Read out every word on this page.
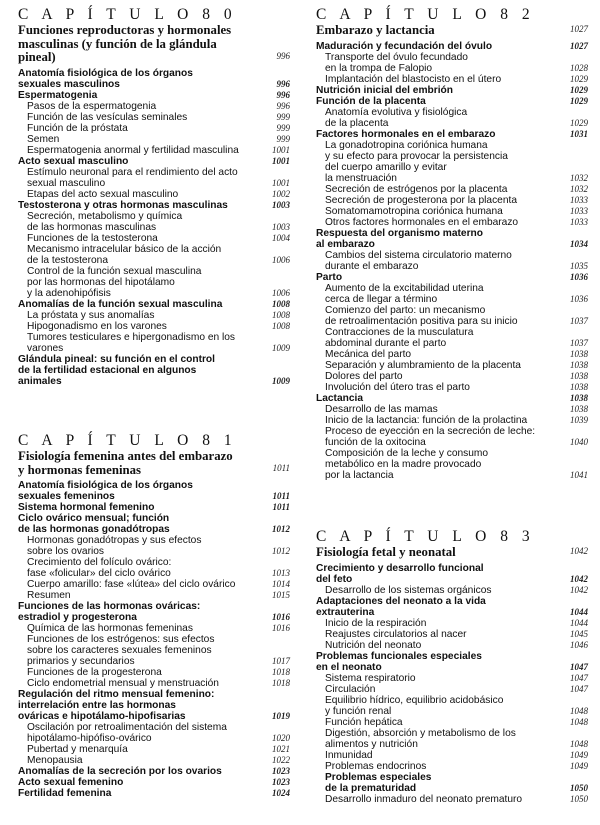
C A P Í T U L O 8 0
Funciones reproductoras y hormonales
masculinas (y función de la glándula
pineal)	996
Anatomía fisiológica de los órganos
sexuales masculinos	996
Espermatogenia	996
Pasos de la espermatogenia	996
Función de las vesículas seminales	999
Función de la próstata	999
Semen	999
Espermatogenia anormal y fertilidad masculina	1001
Acto sexual masculino	1001
Estímulo neuronal para el rendimiento del acto
sexual masculino	1001
Etapas del acto sexual masculino	1002
Testosterona y otras hormonas masculinas	1003
Secreción, metabolismo y química
de las hormonas masculinas	1003
Funciones de la testosterona	1004
Mecanismo intracelular básico de la acción
de la testosterona	1006
Control de la función sexual masculina
por las hormonas del hipotálamo
y la adenohipófisis	1006
Anomalías de la función sexual masculina	1008
La próstata y sus anomalías	1008
Hipogonadismo en los varones	1008
Tumores testiculares e hipergonadismo en los
varones	1009
Glándula pineal: su función en el control
de la fertilidad estacional en algunos
animales	1009
C A P Í T U L O 8 1
Fisiología femenina antes del embarazo
y hormonas femeninas	1011
Anatomía fisiológica de los órganos
sexuales femeninos	1011
Sistema hormonal femenino	1011
Ciclo ovárico mensual; función
de las hormonas gonadótropas	1012
Hormonas gonadótropas y sus efectos
sobre los ovarios	1012
Crecimiento del folículo ovárico:
fase «folicular» del ciclo ovárico	1013
Cuerpo amarillo: fase «lútea» del ciclo ovárico	1014
Resumen	1015
Funciones de las hormonas ováricas:
estradiol y progesterona	1016
Química de las hormonas femeninas	1016
Funciones de los estrógenos: sus efectos
sobre los caracteres sexuales femeninos
primarios y secundarios	1017
Funciones de la progesterona	1018
Ciclo endometrial mensual y menstruación	1018
Regulación del ritmo mensual femenino:
interrelación entre las hormonas
ováricas e hipotálamo-hipofisarias	1019
Oscilación por retroalimentación del sistema
hipotálamo-hipófiso-ovárico	1020
Pubertad y menarquía	1021
Menopausia	1022
Anomalías de la secreción por los ovarios	1023
Acto sexual femenino	1023
Fertilidad femenina	1024
C A P Í T U L O 8 2
Embarazo y lactancia	1027
Maduración y fecundación del óvulo	1027
Transporte del óvulo fecundado
en la trompa de Falopio	1028
Implantación del blastocisto en el útero	1029
Nutrición inicial del embrión	1029
Función de la placenta	1029
Anatomía evolutiva y fisiológica
de la placenta	1029
Factores hormonales en el embarazo	1031
La gonadotropina coriónica humana
y su efecto para provocar la persistencia
del cuerpo amarillo y evitar
la menstruación	1032
Secreción de estrógenos por la placenta	1032
Secreción de progesterona por la placenta	1033
Somatomamotropina coriónica humana	1033
Otros factores hormonales en el embarazo	1033
Respuesta del organismo materno
al embarazo	1034
Cambios del sistema circulatorio materno
durante el embarazo	1035
Parto	1036
Aumento de la excitabilidad uterina
cerca de llegar a término	1036
Comienzo del parto: un mecanismo
de retroalimentación positiva para su inicio	1037
Contracciones de la musculatura
abdominal durante el parto	1037
Mecánica del parto	1038
Separación y alumbramiento de la placenta	1038
Dolores del parto	1038
Involución del útero tras el parto	1038
Lactancia	1038
Desarrollo de las mamas	1038
Inicio de la lactancia: función de la prolactina	1039
Proceso de eyección en la secreción de leche:
función de la oxitocina	1040
Composición de la leche y consumo
metabólico en la madre provocado
por la lactancia	1041
C A P Í T U L O 8 3
Fisiología fetal y neonatal	1042
Crecimiento y desarrollo funcional
del feto	1042
Desarrollo de los sistemas orgánicos	1042
Adaptaciones del neonato a la vida
extrauterina	1044
Inicio de la respiración	1044
Reajustes circulatorios al nacer	1045
Nutrición del neonato	1046
Problemas funcionales especiales
en el neonato	1047
Sistema respiratorio	1047
Circulación	1047
Equilibrio hídrico, equilibrio acidobásico
y función renal	1048
Función hepática	1048
Digestión, absorción y metabolismo de los
alimentos y nutrición	1048
Inmunidad	1049
Problemas endocrinos	1049
Problemas especiales
de la prematuridad	1050
Desarrollo inmaduro del neonato prematuro	1050
